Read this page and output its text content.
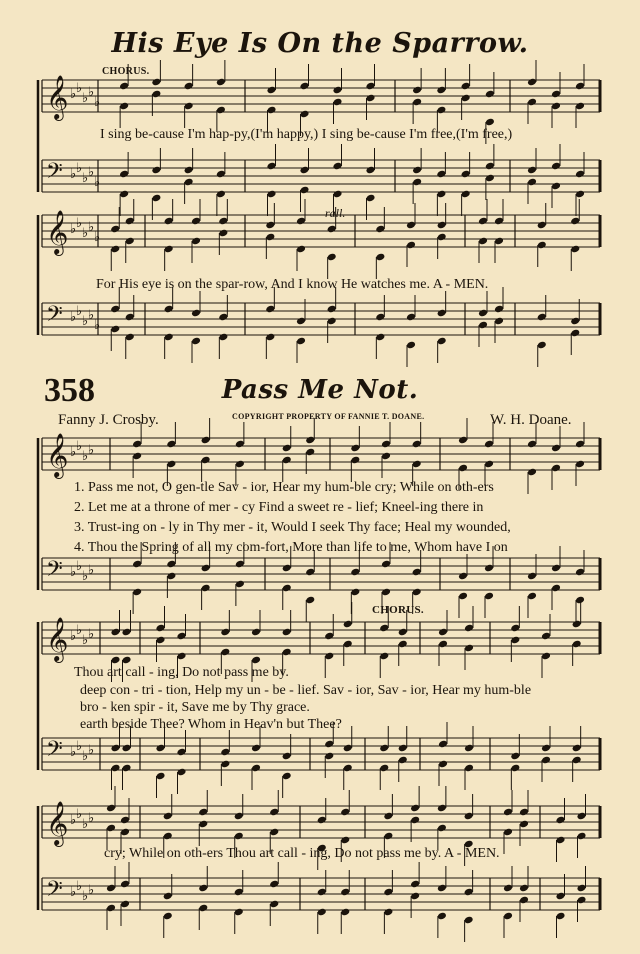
𝄞 ♭ ♭
♭ ♭
♭
𝄢 ♭ ♭
♭ ♭
♭
𝄞 ♭ ♭
♭ ♭
♭
𝄢 ♭ ♭
♭ ♭
♭
𝄞 ♭ ♭
♭ ♭
𝄢 ♭ ♭
♭ ♭
𝄞 ♭ ♭
♭ ♭
𝄢 ♭ ♭
♭ ♭
𝄞 ♭ ♭
♭ ♭
𝄢 ♭ ♭
♭ ♭
His Eye Is On the Sparrow.
CHORUS.
I sing be-cause I'm hap-py,(I'm happy,) I sing be-cause I'm free,(I'm free,)
rall.
For His eye is on the spar-row, And I know He watches me. A - MEN.
358	Pass Me Not.
Fanny J. Crosby.	COPYRIGHT PROPERTY OF FANNIE T. DOANE.	W. H. Doane.
1. Pass me not, O gen-tle Sav - ior, Hear my hum-ble cry; While on oth-ers
2. Let me at a throne of mer - cy Find a sweet re - lief; Kneel-ing there in
3. Trust-ing on - ly in Thy mer - it, Would I seek Thy face; Heal my wounded,
4. Thou the Spring of all my com-fort, More than life to me, Whom have I on
CHORUS.
Thou art call - ing, Do not pass me by.
deep con - tri - tion, Help my un - be - lief. Sav - ior, Sav - ior, Hear my hum-ble
bro - ken spir - it, Save me by Thy grace.
earth beside Thee? Whom in Heav'n but Thee?
cry; While on oth-ers Thou art call - ing, Do not pass me by. A - MEN.
